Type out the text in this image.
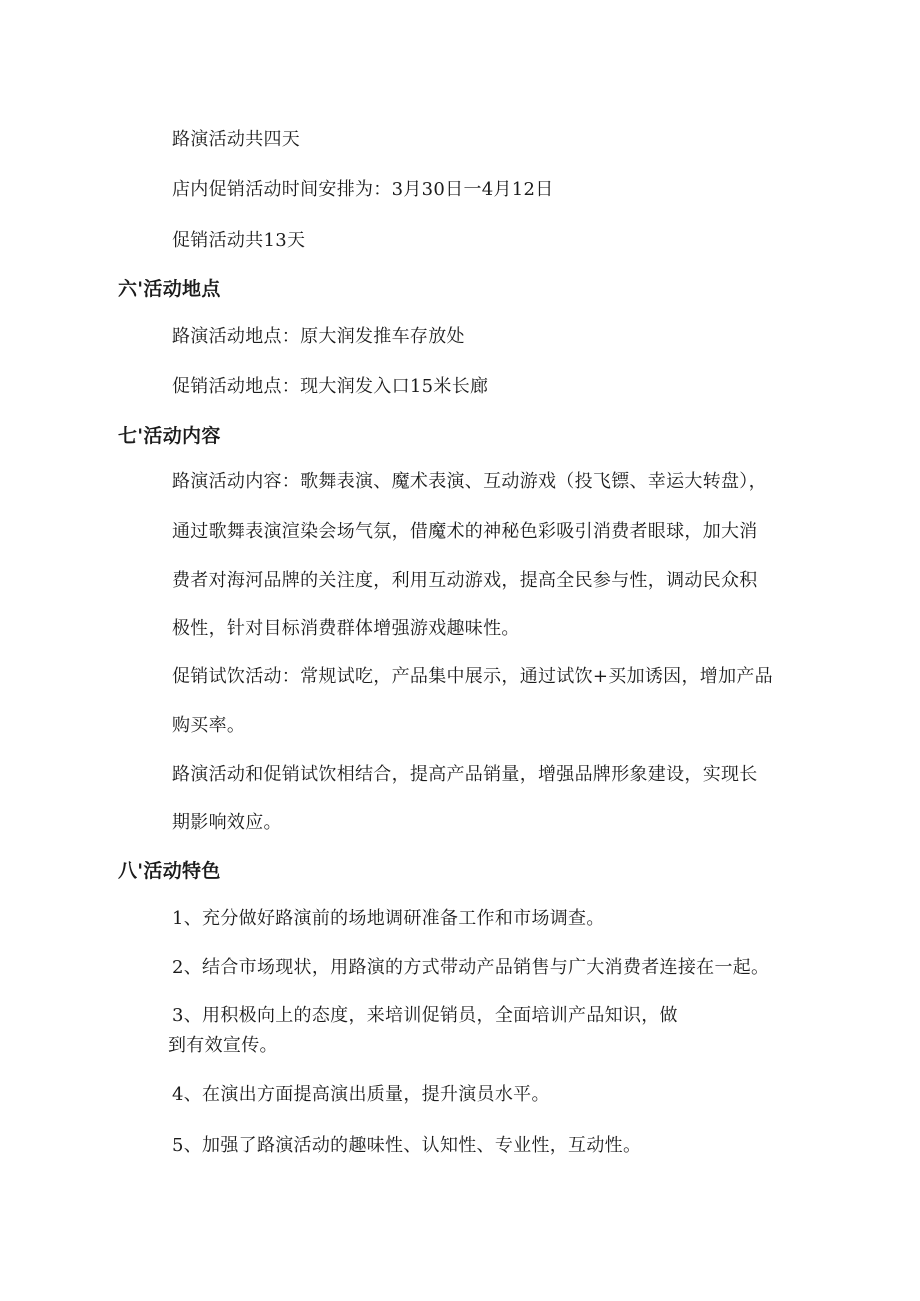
路演活动共四天
店内促销活动时间安排为：3月30日一4月12日
促销活动共13天
六'活动地点
路演活动地点：原大润发推车存放处
促销活动地点：现大润发入口15米长廊
七'活动内容
路演活动内容：歌舞表演、魔术表演、互动游戏（投飞镖、幸运大转盘），
通过歌舞表演渲染会场气氛，借魔术的神秘色彩吸引消费者眼球，加大消
费者对海河品牌的关注度，利用互动游戏，提高全民参与性，调动民众积
极性，针对目标消费群体增强游戏趣味性。
促销试饮活动：常规试吃，产品集中展示，通过试饮+买加诱因，增加产品
购买率。
路演活动和促销试饮相结合，提高产品销量，增强品牌形象建设，实现长
期影响效应。
八'活动特色
1、充分做好路演前的场地调研准备工作和市场调查。
2、结合市场现状，用路演的方式带动产品销售与广大消费者连接在一起。
3、用积极向上的态度，来培训促销员，全面培训产品知识，做
到有效宣传。
4、在演出方面提高演出质量，提升演员水平。
5、加强了路演活动的趣味性、认知性、专业性，互动性。
